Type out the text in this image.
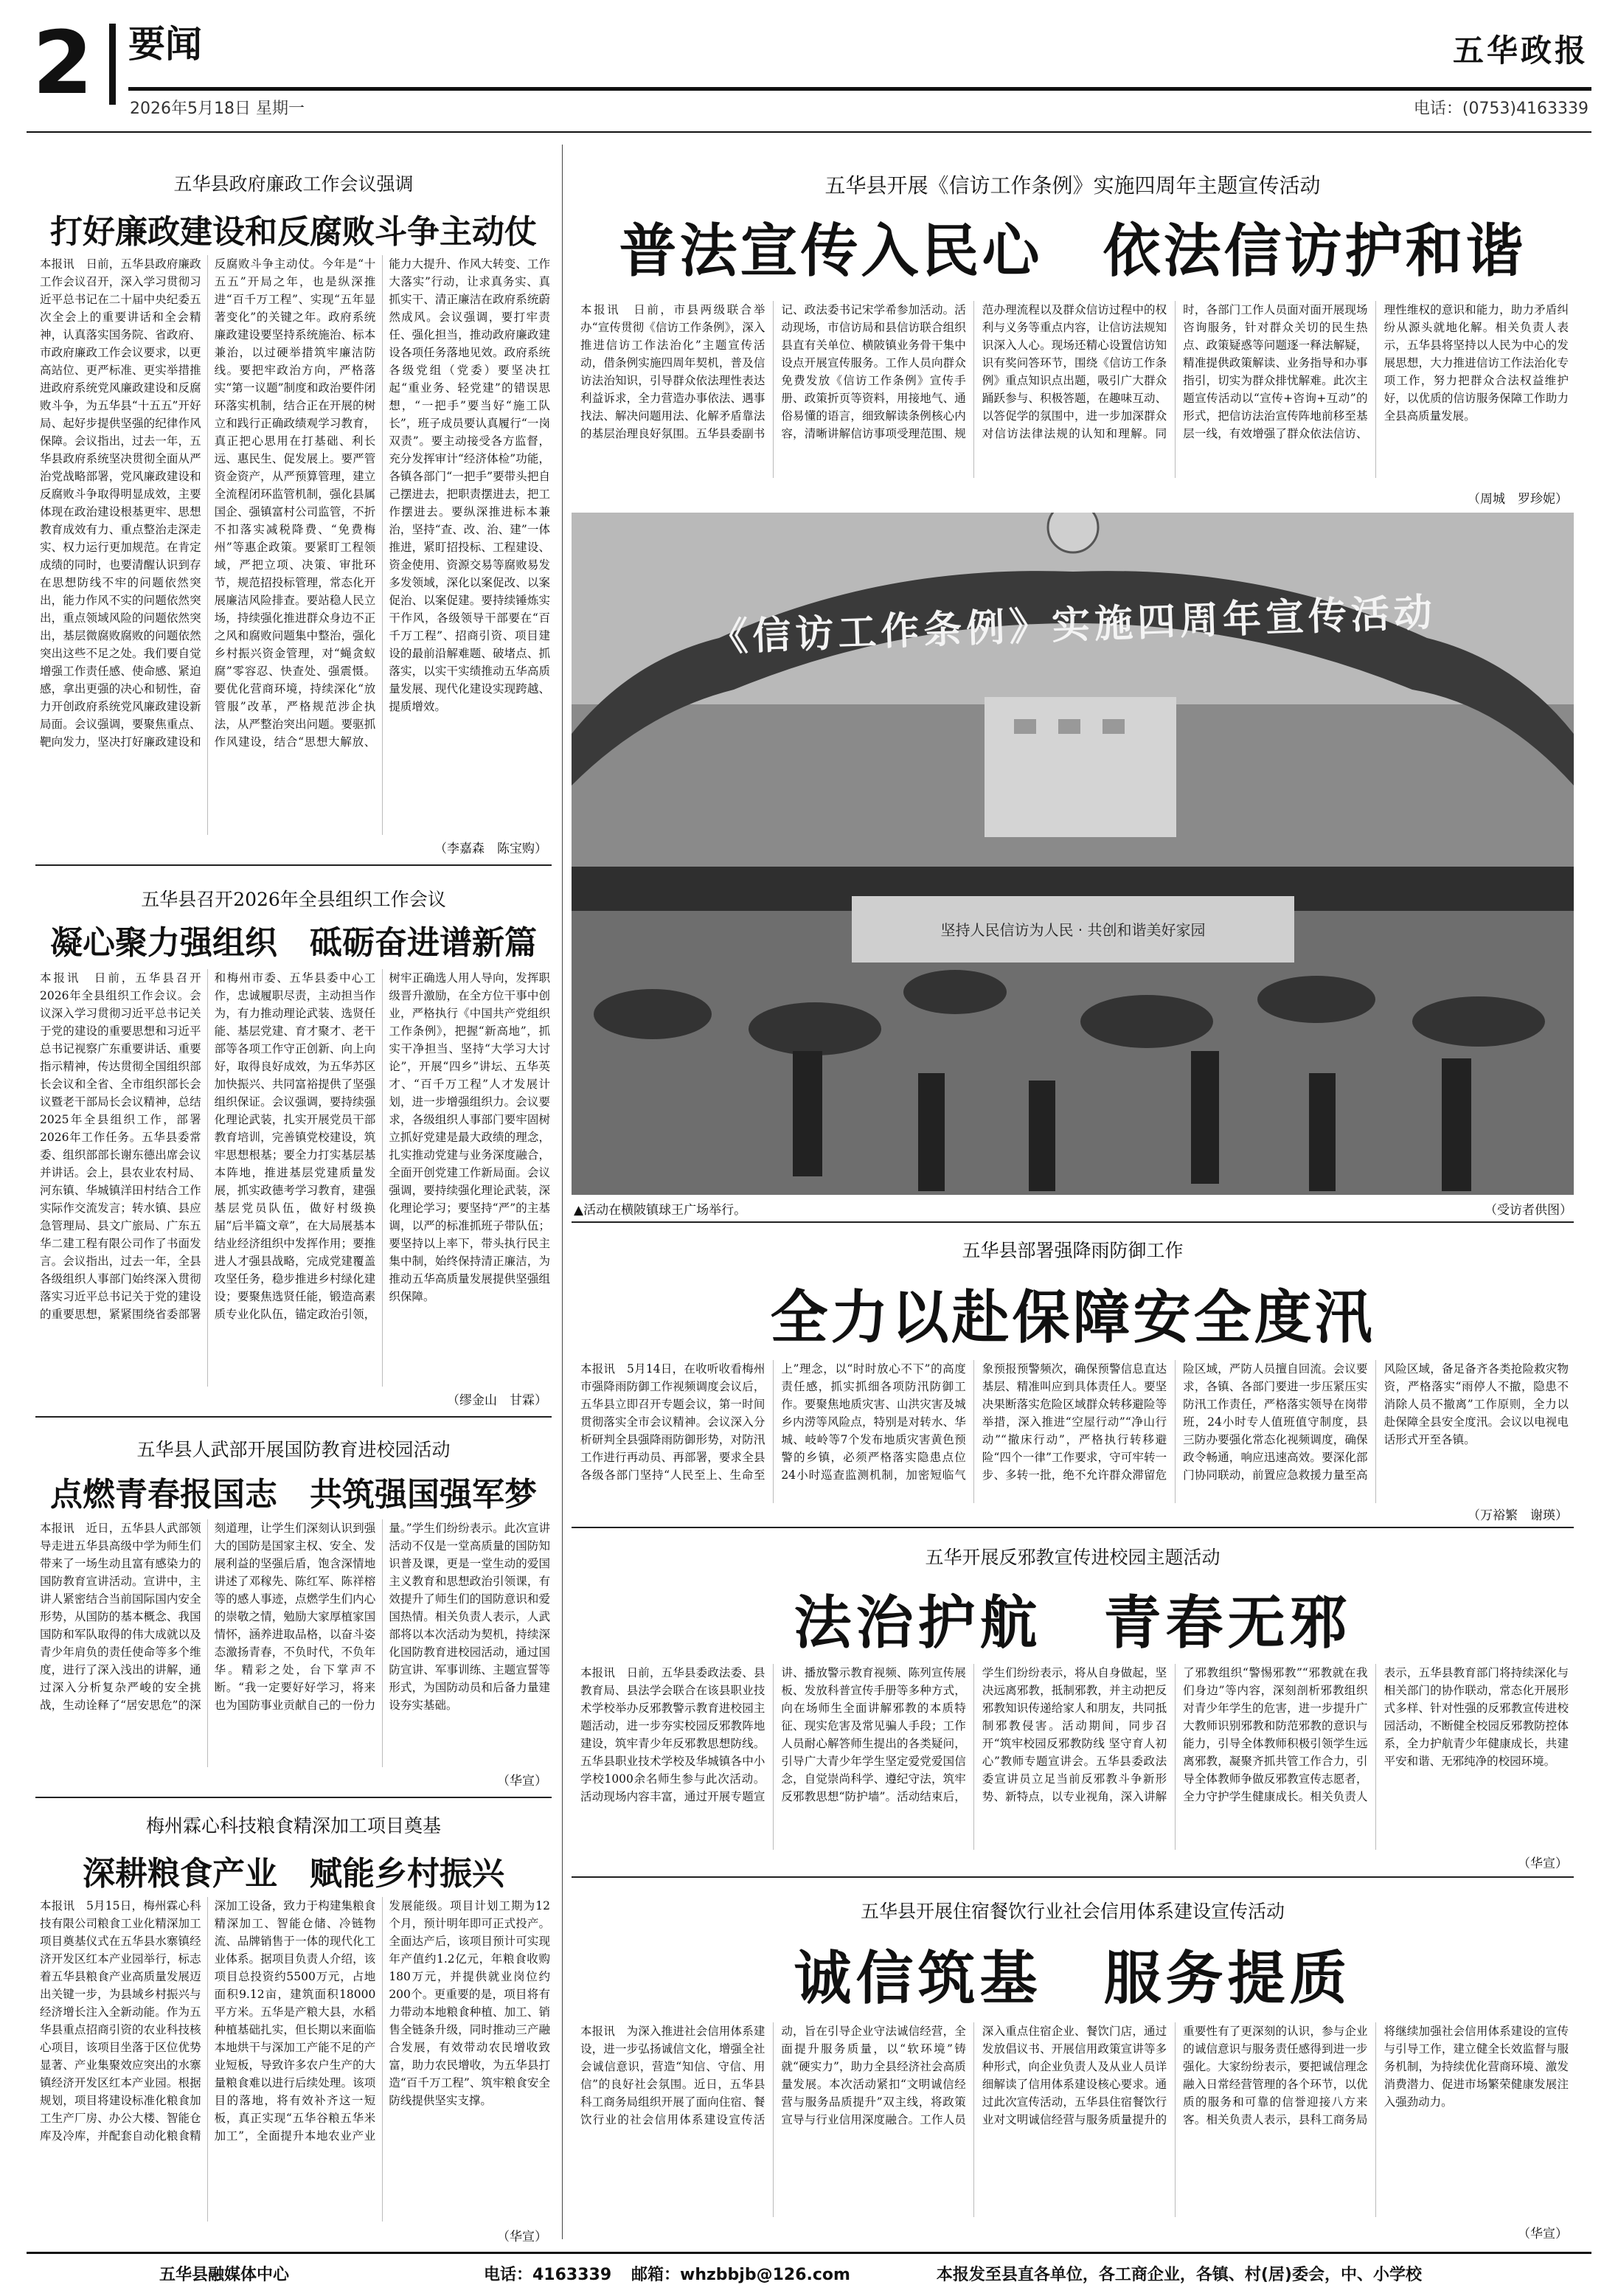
2 要闻	五华政报
2026年5月18日 星期一	电话：(0753)4163339
五华县政府廉政工作会议强调
打好廉政建设和反腐败斗争主动仗
本报讯　日前，五华县政府廉政工作会议召开，深入学习贯彻习近平总书记在二十届中央纪委五次全会上的重要讲话和全会精神，认真落实国务院、省政府、市政府廉政工作会议要求，以更高站位、更严标准、更实举措推进政府系统党风廉政建设和反腐败斗争，为五华县“十五五”开好局、起好步提供坚强的纪律作风保障。会议指出，过去一年，五华县政府系统坚决贯彻全面从严治党战略部署，党风廉政建设和反腐败斗争取得明显成效，主要体现在政治建设根基更牢、思想教育成效有力、重点整治走深走实、权力运行更加规范。在肯定成绩的同时，也要清醒认识到存在思想防线不牢的问题依然突出，能力作风不实的问题依然突出，重点领域风险的问题依然突出，基层微腐败腐败的问题依然突出这些不足之处。我们要自觉增强工作责任感、使命感、紧迫感，拿出更强的决心和韧性，奋力开创政府系统党风廉政建设新局面。会议强调，要聚焦重点、靶向发力，坚决打好廉政建设和反腐败斗争主动仗。今年是“十五五”开局之年，也是纵深推进“百千万工程”、实现“五年显著变化”的关键之年。政府系统廉政建设要坚持系统施治、标本兼治，以过硬举措筑牢廉洁防线。要把牢政治方向，严格落实“第一议题”制度和政治要件闭环落实机制，结合正在开展的树立和践行正确政绩观学习教育，真正把心思用在打基础、利长远、惠民生、促发展上。要严管资金资产，从严预算管理，建立全流程闭环监管机制，强化县属国企、强镇富村公司监管，不折不扣落实减税降费、“免费梅州”等惠企政策。要紧盯工程领域，严把立项、决策、审批环节，规范招投标管理，常态化开展廉洁风险排查。要站稳人民立场，持续强化推进群众身边不正之风和腐败问题集中整治，强化乡村振兴资金管理，对“蝇贪蚁腐”零容忍、快查处、强震慑。要优化营商环境，持续深化“放管服”改革，严格规范涉企执法，从严整治突出问题。要驱抓作风建设，结合“思想大解放、能力大提升、作风大转变、工作大落实”行动，让求真务实、真抓实干、清正廉洁在政府系统蔚然成风。会议强调，要打牢责任、强化担当，推动政府廉政建设各项任务落地见效。政府系统各级党组（党委）要坚决扛起“重业务、轻党建”的错误思想，“一把手”要当好“施工队长”，班子成员要认真履行“一岗双责”。要主动接受各方监督，充分发挥审计“经济体检”功能，各镇各部门“一把手”要带头把自己摆进去，把职责摆进去，把工作摆进去。要纵深推进标本兼治，坚持“查、改、治、建”一体推进，紧盯招投标、工程建设、资金使用、资源交易等腐败易发多发领域，深化以案促改、以案促治、以案促建。要持续锤炼实干作风，各级领导干部要在“百千万工程”、招商引资、项目建设的最前沿解难题、破堵点、抓落实，以实干实绩推动五华高质量发展、现代化建设实现跨越、提质增效。
（李嘉森　陈宝购）
五华县召开2026年全县组织工作会议
凝心聚力强组织　砥砺奋进谱新篇
本报讯　日前，五华县召开2026年全县组织工作会议。会议深入学习贯彻习近平总书记关于党的建设的重要思想和习近平总书记视察广东重要讲话、重要指示精神，传达贯彻全国组织部长会议和全省、全市组织部长会议暨老干部局长会议精神，总结2025年全县组织工作，部署2026年工作任务。五华县委常委、组织部部长谢东德出席会议并讲话。会上，县农业农村局、河东镇、华城镇洋田村结合工作实际作交流发言；转水镇、县应急管理局、县文广旅局、广东五华二建工程有限公司作了书面发言。会议指出，过去一年，全县各级组织人事部门始终深入贯彻落实习近平总书记关于党的建设的重要思想，紧紧围绕省委部署和梅州市委、五华县委中心工作，忠诚履职尽责，主动担当作为，有力推动理论武装、选贤任能、基层党建、育才聚才、老干部等各项工作守正创新、向上向好，取得良好成效，为五华苏区加快振兴、共同富裕提供了坚强组织保证。会议强调，要持续强化理论武装，扎实开展党员干部教育培训，完善镇党校建设，筑牢思想根基；要全力打实基层基本阵地，推进基层党建质量发展，抓实政德考学习教育，建强基层党员队伍，做好村级换届“后半篇文章”，在大局展基本结业经济组织中发挥作用；要推进人才强县战略，完成党建覆盖攻坚任务，稳步推进乡村绿化建设；要聚焦选贤任能，锻造高素质专业化队伍，锚定政治引领，树牢正确选人用人导向，发挥职级晋升激励，在全方位干事中创业，严格执行《中国共产党组织工作条例》，把握“新高地”，抓实干净担当、坚持“大学习大讨论”，开展“四乡”讲坛、五华英才、“百千万工程”人才发展计划，进一步增强组织力。会议要求，各级组织人事部门要牢固树立抓好党建是最大政绩的理念，扎实推动党建与业务深度融合，全面开创党建工作新局面。会议强调，要持续强化理论武装，深化理论学习；要坚持“严”的主基调，以严的标准抓班子带队伍；要坚持以上率下，带头执行民主集中制，始终保持清正廉洁，为推动五华高质量发展提供坚强组织保障。
（缪金山　甘霖）
五华县人武部开展国防教育进校园活动
点燃青春报国志　共筑强国强军梦
本报讯　近日，五华县人武部领导走进五华县高级中学为师生们带来了一场生动且富有感染力的国防教育宣讲活动。宣讲中，主讲人紧密结合当前国际国内安全形势，从国防的基本概念、我国国防和军队取得的伟大成就以及青少年肩负的责任使命等多个维度，进行了深入浅出的讲解，通过深入分析复杂严峻的安全挑战，生动诠释了“居安思危”的深刻道理，让学生们深刻认识到强大的国防是国家主权、安全、发展利益的坚强后盾，饱含深情地讲述了邓稼先、陈红军、陈祥榕等的感人事迹，点燃学生们内心的崇敬之情，勉励大家厚植家国情怀，涵养进取品格，以奋斗姿态激扬青春，不负时代，不负年华。精彩之处，台下掌声不断。“我一定要好好学习，将来也为国防事业贡献自己的一份力量。”学生们纷纷表示。此次宣讲活动不仅是一堂高质量的国防知识普及课，更是一堂生动的爱国主义教育和思想政治引领课，有效提升了师生们的国防意识和爱国热情。相关负责人表示，人武部将以本次活动为契机，持续深化国防教育进校园活动，通过国防宣讲、军事训练、主题宣誓等形式，为国防动员和后备力量建设夯实基础。
（华宣）
梅州霖心科技粮食精深加工项目奠基
深耕粮食产业　赋能乡村振兴
本报讯　5月15日，梅州霖心科技有限公司粮食工业化精深加工项目奠基仪式在五华县水寨镇经济开发区红本产业园举行，标志着五华县粮食产业高质量发展迈出关键一步，为县域乡村振兴与经济增长注入全新动能。作为五华县重点招商引资的农业科技核心项目，该项目坐落于区位优势显著、产业集聚效应突出的水寨镇经济开发区红本产业园。根据规划，项目将建设标准化粮食加工生产厂房、办公大楼、智能仓库及冷库，并配套自动化粮食精深加工设备，致力于构建集粮食精深加工、智能仓储、冷链物流、品牌销售于一体的现代化工业体系。据项目负责人介绍，该项目总投资约5500万元，占地面积9.12亩，建筑面积18000平方米。五华是产粮大县，水稻种植基础扎实，但长期以来面临本地烘干与深加工产能不足的产业短板，导致许多农户生产的大量粮食难以进行后续处理。该项目的落地，将有效补齐这一短板，真正实现“五华谷粮五华米加工”，全面提升本地农业产业发展能级。项目计划工期为12个月，预计明年即可正式投产。全面达产后，该项目预计可实现年产值约1.2亿元，年粮食收购180万元，并提供就业岗位约200个。更重要的是，项目将有力带动本地粮食种植、加工、销售全链条升级，同时推动三产融合发展，有效带动农民增收致富，助力农民增收，为五华县打造“百千万工程”、筑牢粮食安全防线提供坚实支撑。
（华宣）
五华县开展《信访工作条例》实施四周年主题宣传活动
普法宣传入民心　依法信访护和谐
本报讯　日前，市县两级联合举办“宣传贯彻《信访工作条例》，深入推进信访工作法治化”主题宣传活动，借条例实施四周年契机，普及信访法治知识，引导群众依法理性表达利益诉求，全力营造办事依法、遇事找法、解决问题用法、化解矛盾靠法的基层治理良好氛围。五华县委副书记、政法委书记宋学希参加活动。活动现场，市信访局和县信访联合组织县直有关单位、横陂镇业务骨干集中设点开展宣传服务。工作人员向群众免费发放《信访工作条例》宣传手册、政策折页等资料，用接地气、通俗易懂的语言，细致解读条例核心内容，清晰讲解信访事项受理范围、规范办理流程以及群众信访过程中的权利与义务等重点内容，让信访法规知识深入人心。现场还精心设置信访知识有奖问答环节，围绕《信访工作条例》重点知识点出题，吸引广大群众踊跃参与、积极答题，在趣味互动、以答促学的氛围中，进一步加深群众对信访法律法规的认知和理解。同时，各部门工作人员面对面开展现场咨询服务，针对群众关切的民生热点、政策疑惑等问题逐一释法解疑，精准提供政策解读、业务指导和办事指引，切实为群众排忧解难。此次主题宣传活动以“宣传+咨询+互动”的形式，把信访法治宣传阵地前移至基层一线，有效增强了群众依法信访、理性维权的意识和能力，助力矛盾纠纷从源头就地化解。相关负责人表示，五华县将坚持以人民为中心的发展思想，大力推进信访工作法治化专项工作，努力把群众合法权益维护好，以优质的信访服务保障工作助力全县高质量发展。
（周城　罗珍妮）
《信访工作条例》实施四周年宣传活动
坚持人民信访为人民 · 共创和谐美好家园
▲活动在横陂镇球王广场举行。	（受访者供图）
五华县部署强降雨防御工作
全力以赴保障安全度汛
本报讯　5月14日，在收听收看梅州市强降雨防御工作视频调度会议后，五华县立即召开专题会议，第一时间贯彻落实全市会议精神。会议深入分析研判全县强降雨防御形势，对防汛工作进行再动员、再部署，要求全县各级各部门坚持“人民至上、生命至上”理念，以“时时放心不下”的高度责任感，抓实抓细各项防汛防御工作。要聚焦地质灾害、山洪灾害及城乡内涝等风险点，特别是对转水、华城、岐岭等7个发布地质灾害黄色预警的乡镇，必须严格落实隐患点位24小时巡查监测机制，加密短临气象预报预警频次，确保预警信息直达基层、精准叫应到具体责任人。要坚决果断落实危险区域群众转移避险等举措，深入推进“空屋行动”“净山行动”“撤床行动”，严格执行转移避险“四个一律”工作要求，守可牢转一步、多转一批，绝不允许群众滞留危险区域，严防人员擅自回流。会议要求，各镇、各部门要进一步压紧压实防汛工作责任，严格落实领导在岗带班，24小时专人值班值守制度，县三防办要强化常态化视频调度，确保政令畅通，响应迅速高效。要深化部门协同联动，前置应急救援力量至高风险区域，备足备齐各类抢险救灾物资，严格落实“雨停人不撤，隐患不消除人员不撤离”工作原则，全力以赴保障全县安全度汛。会议以电视电话形式开至各镇。
（万裕繁　谢瑛）
五华开展反邪教宣传进校园主题活动
法治护航　青春无邪
本报讯　日前，五华县委政法委、县教育局、县法学会联合在该县职业技术学校举办反邪教警示教育进校园主题活动，进一步夯实校园反邪教阵地建设，筑牢青少年反邪教思想防线。五华县职业技术学校及华城镇各中小学校1000余名师生参与此次活动。活动现场内容丰富，通过开展专题宣讲、播放警示教育视频、陈列宣传展板、发放科普宣传手册等多种方式，向在场师生全面讲解邪教的本质特征、现实危害及常见骗人手段；工作人员耐心解答师生提出的各类疑问，引导广大青少年学生坚定爱党爱国信念，自觉崇尚科学、遵纪守法，筑牢反邪教思想“防护墙”。活动结束后，学生们纷纷表示，将从自身做起，坚决远离邪教，抵制邪教，并主动把反邪教知识传递给家人和朋友，共同抵制邪教侵害。活动期间，同步召开“筑牢校园反邪教防线 坚守育人初心”教师专题宣讲会。五华县委政法委宣讲员立足当前反邪教斗争新形势、新特点，以专业视角，深入讲解了邪教组织“警惕邪教”“邪教就在我们身边”等内容，深刻剖析邪教组织对青少年学生的危害，进一步提升广大教师识别邪教和防范邪教的意识与能力，引导全体教师积极引领学生远离邪教，凝聚齐抓共管工作合力，引导全体教师争做反邪教宣传志愿者，全力守护学生健康成长。相关负责人表示，五华县教育部门将持续深化与相关部门的协作联动，常态化开展形式多样、针对性强的反邪教宣传进校园活动，不断健全校园反邪教防控体系，全力护航青少年健康成长，共建平安和谐、无邪纯净的校园环境。
（华宣）
五华县开展住宿餐饮行业社会信用体系建设宣传活动
诚信筑基　服务提质
本报讯　为深入推进社会信用体系建设，进一步弘扬诚信文化，增强全社会诚信意识，营造“知信、守信、用信”的良好社会氛围。近日，五华县科工商务局组织开展了面向住宿、餐饮行业的社会信用体系建设宣传活动，旨在引导企业守法诚信经营，全面提升服务质量，以“软环境”铸就“硬实力”，助力全县经济社会高质量发展。本次活动紧扣“文明诚信经营与服务品质提升”双主线，将政策宣导与行业信用深度融合。工作人员深入重点住宿企业、餐饮门店，通过发放倡议书、开展信用政策宣讲等多种形式，向企业负责人及从业人员详细解读了信用体系建设核心要求。通过此次宣传活动，五华县住宿餐饮行业对文明诚信经营与服务质量提升的重要性有了更深刻的认识，参与企业的诚信意识与服务责任感得到进一步强化。大家纷纷表示，要把诚信理念融入日常经营管理的各个环节，以优质的服务和可靠的信誉迎接八方来客。相关负责人表示，县科工商务局将继续加强社会信用体系建设的宣传与引导工作，建立健全长效监督与服务机制，为持续优化营商环境、激发消费潜力、促进市场繁荣健康发展注入强劲动力。
（华宣）
五华县融媒体中心	电话：4163339 邮箱：whzbbjb@126.com	本报发至县直各单位，各工商企业，各镇、村(居)委会，中、小学校
